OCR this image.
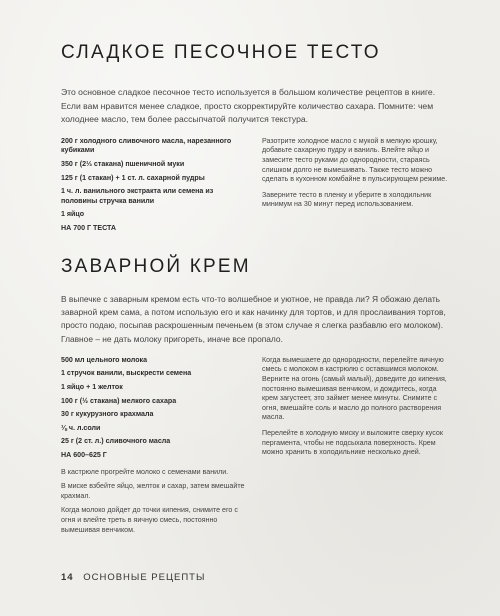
СЛАДКОЕ ПЕСОЧНОЕ ТЕСТО
Это основное сладкое песочное тесто используется в большом количестве рецептов в книге. Если вам нравится менее сладкое, просто скорректируйте количество сахара. Помните: чем холоднее масло, тем более рассыпчатой получится текстура.
200 г холодного сливочного масла, нарезанного кубиками
350 г (2⅓ стакана) пшеничной муки
125 г (1 стакан) + 1 ст. л. сахарной пудры
1 ч. л. ванильного экстракта или семена из половины стручка ванили
1 яйцо
НА 700 Г ТЕСТА
Разотрите холодное масло с мукой в мелкую крошку, добавьте сахарную пудру и ваниль. Влейте яйцо и замесите тесто руками до однородности, стараясь слишком долго не вымешивать. Также тесто можно сделать в кухонном комбайне в пульсирующем режиме.
Заверните тесто в пленку и уберите в холодильник минимум на 30 минут перед использованием.
ЗАВАРНОЙ КРЕМ
В выпечке с заварным кремом есть что-то волшебное и уютное, не правда ли? Я обожаю делать заварной крем сама, а потом использую его и как начинку для тортов, и для прослаивания тортов, просто подаю, посыпав раскрошенным печеньем (в этом случае я слегка разбавлю его молоком). Главное – не дать молоку пригореть, иначе все пропало.
500 мл цельного молока
1 стручок ванили, выскрести семена
1 яйцо + 1 желток
100 г (½ стакана) мелкого сахара
30 г кукурузного крахмала
⅛ ч. л.соли
25 г (2 ст. л.) сливочного масла
НА 600–625 Г
В кастрюле прогрейте молоко с семенами ванили.
В миске взбейте яйцо, желток и сахар, затем вмешайте крахмал.
Когда молоко дойдет до точки кипения, снимите его с огня и влейте треть в яичную смесь, постоянно вымешивая венчиком.
Когда вымешаете до однородности, перелейте яичную смесь с молоком в кастрюлю с оставшимся молоком. Верните на огонь (самый малый), доведите до кипения, постоянно вымешивая венчиком, и дождитесь, когда крем загустеет, это займет менее минуты. Снимите с огня, вмешайте соль и масло до полного растворения масла.
Перелейте в холодную миску и выложите сверху кусок пергамента, чтобы не подсыхала поверхность. Крем можно хранить в холодильнике несколько дней.
14 ОСНОВНЫЕ РЕЦЕПТЫ
